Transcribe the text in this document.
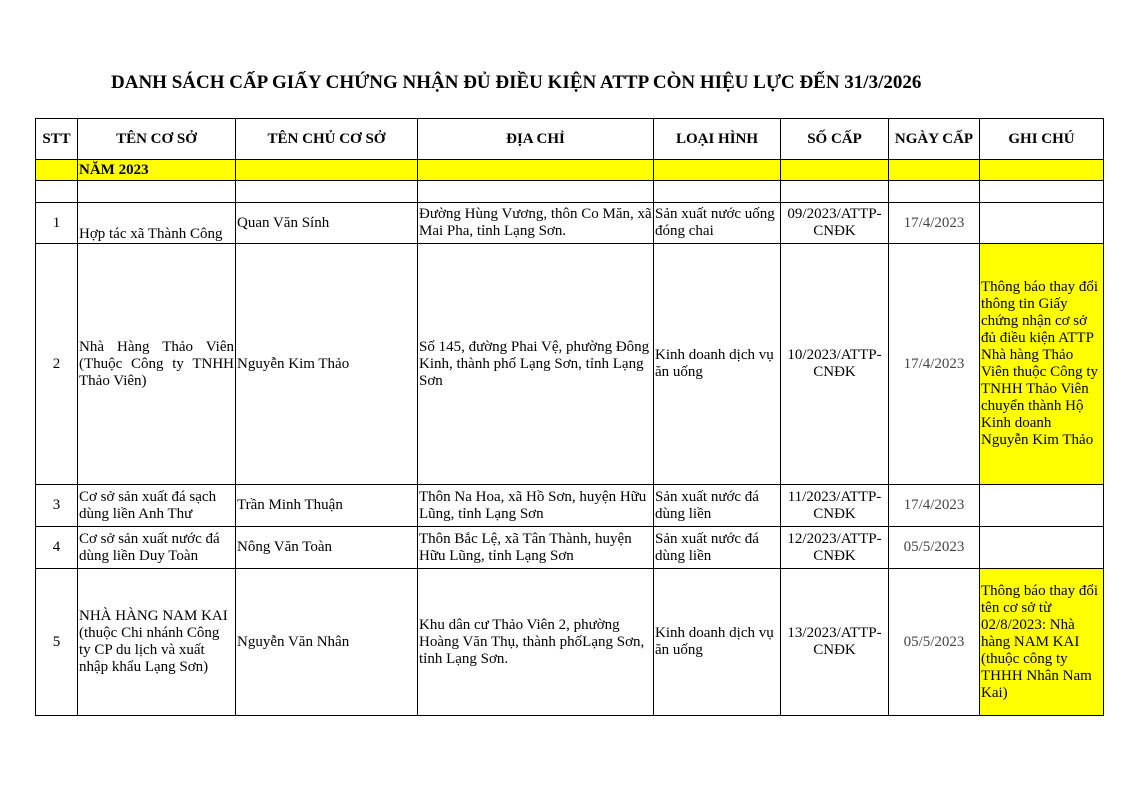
DANH SÁCH CẤP GIẤY CHỨNG NHẬN ĐỦ ĐIỀU KIỆN ATTP CÒN HIỆU LỰC ĐẾN 31/3/2026
STT	TÊN CƠ SỞ	TÊN CHỦ CƠ SỞ	ĐỊA CHỈ	LOẠI HÌNH	SỐ CẤP	NGÀY CẤP	GHI CHÚ
	NĂM 2023						

1	Hợp tác xã Thành Công	Quan Văn Sính	Đường Hùng Vương, thôn Co Măn, xã Mai Pha, tỉnh Lạng Sơn.	Sản xuất nước uống đóng chai	09/2023/ATTP-CNĐK	17/4/2023	
2	Nhà Hàng Thảo Viên (Thuộc Công ty TNHH Thảo Viên)	Nguyễn Kim Thảo	Số 145, đường Phai Vệ, phường Đông Kinh, thành phố Lạng Sơn, tỉnh Lạng Sơn	Kinh doanh dịch vụ ăn uống	10/2023/ATTP-CNĐK	17/4/2023	Thông báo thay đổi thông tin Giấy chứng nhận cơ sở đủ điều kiện ATTP Nhà hàng Thảo Viên thuộc Công ty TNHH Thảo Viên chuyển thành Hộ Kinh doanh Nguyễn Kim Thảo
3	Cơ sở sản xuất đá sạch dùng liền Anh Thư	Trần Minh Thuận	Thôn Na Hoa, xã Hồ Sơn, huyện Hữu Lũng, tỉnh Lạng Sơn	Sản xuất nước đá dùng liền	11/2023/ATTP-CNĐK	17/4/2023	
4	Cơ sở sản xuất nước đá dùng liền Duy Toàn	Nông Văn Toàn	Thôn Bắc Lệ, xã Tân Thành, huyện Hữu Lũng, tỉnh Lạng Sơn	Sản xuất nước đá dùng liền	12/2023/ATTP-CNĐK	05/5/2023	
5	NHÀ HÀNG NAM KAI (thuộc Chi nhánh Công ty CP du lịch và xuất nhập khẩu Lạng Sơn)	Nguyễn Văn Nhân	Khu dân cư Thảo Viên 2, phường Hoàng Văn Thụ, thành phốLạng Sơn, tỉnh Lạng Sơn.	Kinh doanh dịch vụ ăn uống	13/2023/ATTP-CNĐK	05/5/2023	Thông báo thay đổi tên cơ sở từ 02/8/2023: Nhà hàng NAM KAI (thuộc công ty THHH Nhân Nam Kai)
